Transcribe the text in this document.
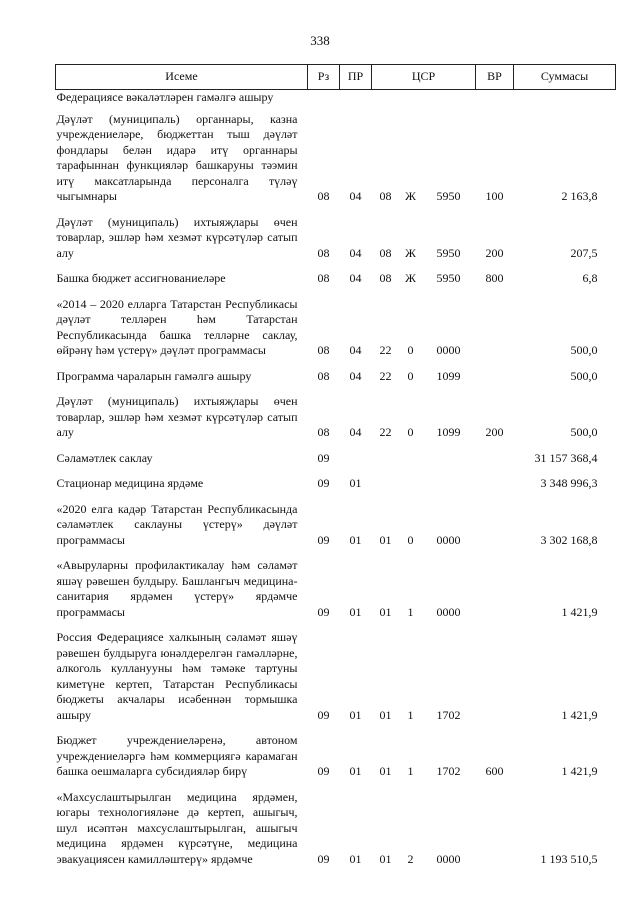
338
Исеме	Рз	ПР	ЦСР			ВР	Суммасы
Федерациясе вәкаләтләрен гамәлгә ашыру							
Дәүләт (муниципаль) органнары, казна учреждениеләре, бюджеттан тыш дәүләт фондлары белән идарә итү органнары тарафыннан функцияләр башкаруны тәэмин итү максатларында персоналга түләү чыгымнары	08	04	08	Ж	5950	100	2 163,8
Дәүләт (муниципаль) ихтыяҗлары өчен товарлар, эшләр һәм хезмәт күрсәтүләр сатып алу	08	04	08	Ж	5950	200	207,5
Башка бюджет ассигнованиеләре	08	04	08	Ж	5950	800	6,8
«2014 – 2020 елларга Татарстан Республикасы дәүләт телләрен һәм Татарстан Республикасында башка телләрне саклау, өйрәнү һәм үстерү» дәүләт программасы	08	04	22	0	0000		500,0
Программа чараларын гамәлгә ашыру	08	04	22	0	1099		500,0
Дәүләт (муниципаль) ихтыяҗлары өчен товарлар, эшләр һәм хезмәт күрсәтүләр сатып алу	08	04	22	0	1099	200	500,0
Сәламәтлек саклау	09						31 157 368,4
Стационар медицина ярдәме	09	01					3 348 996,3
«2020 елга кадәр Татарстан Республикасында сәламәтлек саклауны үстерү» дәүләт программасы	09	01	01	0	0000		3 302 168,8
«Авыруларны профилактикалау һәм сәламәт яшәү рәвешен булдыру. Башлангыч медицина-санитария ярдәмен үстерү» ярдәмче программасы	09	01	01	1	0000		1 421,9
Россия Федерациясе халкының сәламәт яшәү рәвешен булдыруга юнәлдерелгән гамәлләрне, алкоголь кулланууны һәм тәмәке тартуны киметүне кертеп, Татарстан Республикасы бюджеты акчалары исәбеннән тормышка ашыру	09	01	01	1	1702		1 421,9
Бюджет учреждениеләренә, автоном учреждениеләргә һәм коммерциягә карамаган башка оешмаларга субсидияләр бирү	09	01	01	1	1702	600	1 421,9
«Махсуслаштырылган медицина ярдәмен, югары технологияләне дә кертеп, ашыгыч, шул исәптән махсуслаштырылган, ашыгыч медицина ярдәмен күрсәтүне, медицина эвакуациясен камилләштерү» ярдәмче	09	01	01	2	0000		1 193 510,5
